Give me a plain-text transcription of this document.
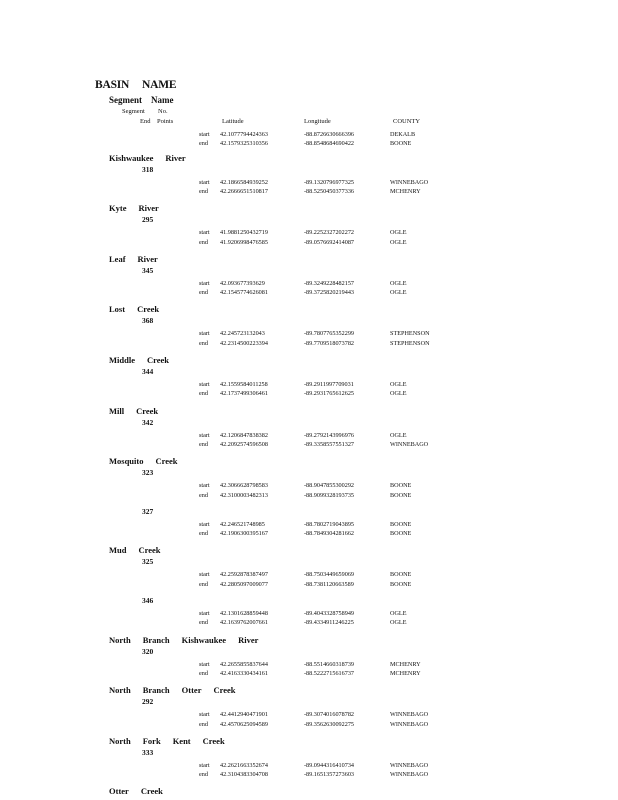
BASIN NAME
Segment Name
Segment No.
End Points	Latitude	Longitude	COUNTY
start 42.1077794424363	-88.8726630666396	DEKALB
end 42.1579325310356	-88.8548684690422	BOONE
Kishwaukee River
318
start 42.1866584939252	-89.1320796977325	WINNEBAGO
end 42.2666651510817	-88.5250450377336	MCHENRY
Kyte River
295
start 41.9881250432719	-89.2252327202272	OGLE
end 41.9206998476585	-89.0576692414087	OGLE
Leaf River
345
start 42.093677393629	-89.3249228482157	OGLE
end 42.1545774626081	-89.3725820219443	OGLE
Lost Creek
368
start 42.245723132043	-89.7807765352299	STEPHENSON
end 42.2314500223394	-89.7709518073782	STEPHENSON
Middle Creek
344
start 42.1559584011258	-89.2911997709031	OGLE
end 42.1737499306461	-89.2931765612625	OGLE
Mill Creek
342
start 42.1206847838382	-89.2792143996976	OGLE
end 42.2092574596508	-89.3358557551327	WINNEBAGO
Mosquito Creek
323
start 42.3066628798583	-88.9047855300292	BOONE
end 42.3100003482313	-88.9099328193735	BOONE
327
start 42.246521748985	-88.7802719043895	BOONE
end 42.1906300395167	-88.7849304281662	BOONE
Mud Creek
325
start 42.2592878387497	-88.7503449659069	BOONE
end 42.2805097009077	-88.7381120663589	BOONE
346
start 42.1301628859448	-89.4043328758949	OGLE
end 42.1639762007661	-89.4334911246225	OGLE
North Branch Kishwaukee River
320
start 42.2655855837644	-88.5514660318739	MCHENRY
end 42.4163330434161	-88.5222715616737	MCHENRY
North Branch Otter Creek
292
start 42.4412940471901	-89.3074016078782	WINNEBAGO
end 42.4570625094589	-89.3562630092275	WINNEBAGO
North Fork Kent Creek
333
start 42.2621663352674	-89.0944316410734	WINNEBAGO
end 42.3104383304708	-89.1651357273603	WINNEBAGO
Otter Creek
